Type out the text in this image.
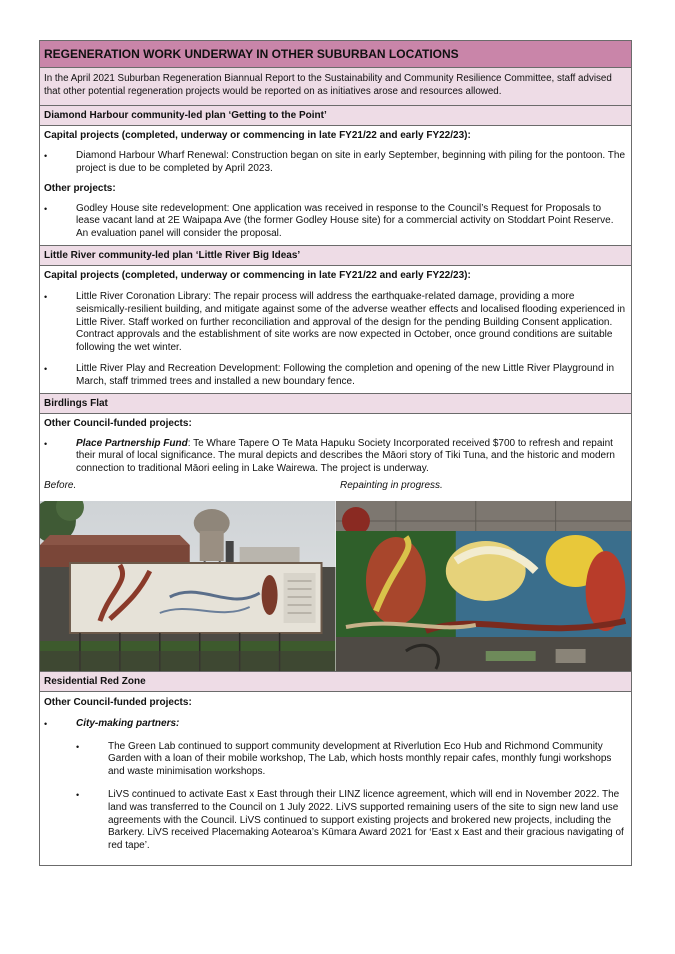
REGENERATION WORK UNDERWAY IN OTHER SUBURBAN LOCATIONS
In the April 2021 Suburban Regeneration Biannual Report to the Sustainability and Community Resilience Committee, staff advised that other potential regeneration projects would be reported on as initiatives arose and resources allowed.
Diamond Harbour community-led plan ‘Getting to the Point’
Capital projects (completed, underway or commencing in late FY21/22 and early FY22/23):
•	Diamond Harbour Wharf Renewal: Construction began on site in early September, beginning with piling for the pontoon. The project is due to be completed by April 2023.
Other projects:
•	Godley House site redevelopment: One application was received in response to the Council’s Request for Proposals to lease vacant land at 2E Waipapa Ave (the former Godley House site) for a commercial activity on Stoddart Point Reserve. An evaluation panel will consider the proposal.
Little River community-led plan ‘Little River Big Ideas’
Capital projects (completed, underway or commencing in late FY21/22 and early FY22/23):
•	Little River Coronation Library: The repair process will address the earthquake-related damage, providing a more seismically-resilient building, and mitigate against some of the adverse weather effects and localised flooding experienced in Little River. Staff worked on further reconciliation and approval of the design for the pending Building Consent application. Contract approvals and the establishment of site works are now expected in October, once ground conditions are suitable following the wet winter.
•	Little River Play and Recreation Development: Following the completion and opening of the new Little River Playground in March, staff trimmed trees and installed a new boundary fence.
Birdlings Flat
Other Council-funded projects:
•	Place Partnership Fund: Te Whare Tapere O Te Mata Hapuku Society Incorporated received $700 to refresh and repaint their mural of local significance. The mural depicts and describes the Māori story of Tiki Tuna, and the historic and modern connection to traditional Māori eeling in Lake Wairewa. The project is underway.
Before.	Repainting in progress.
Residential Red Zone
Other Council-funded projects:
•	City-making partners:
•	The Green Lab continued to support community development at Riverlution Eco Hub and Richmond Community Garden with a loan of their mobile workshop, The Lab, which hosts monthly repair cafes, monthly fungi workshops and waste minimisation workshops.
•	LiVS continued to activate East x East through their LINZ licence agreement, which will end in November 2022. The land was transferred to the Council on 1 July 2022. LiVS supported remaining users of the site to sign new land use agreements with the Council. LiVS continued to support existing projects and brokered new projects, including the Barkery. LiVS received Placemaking Aotearoa’s Kūmara Award 2021 for ‘East x East and their gracious navigating of red tape’.
